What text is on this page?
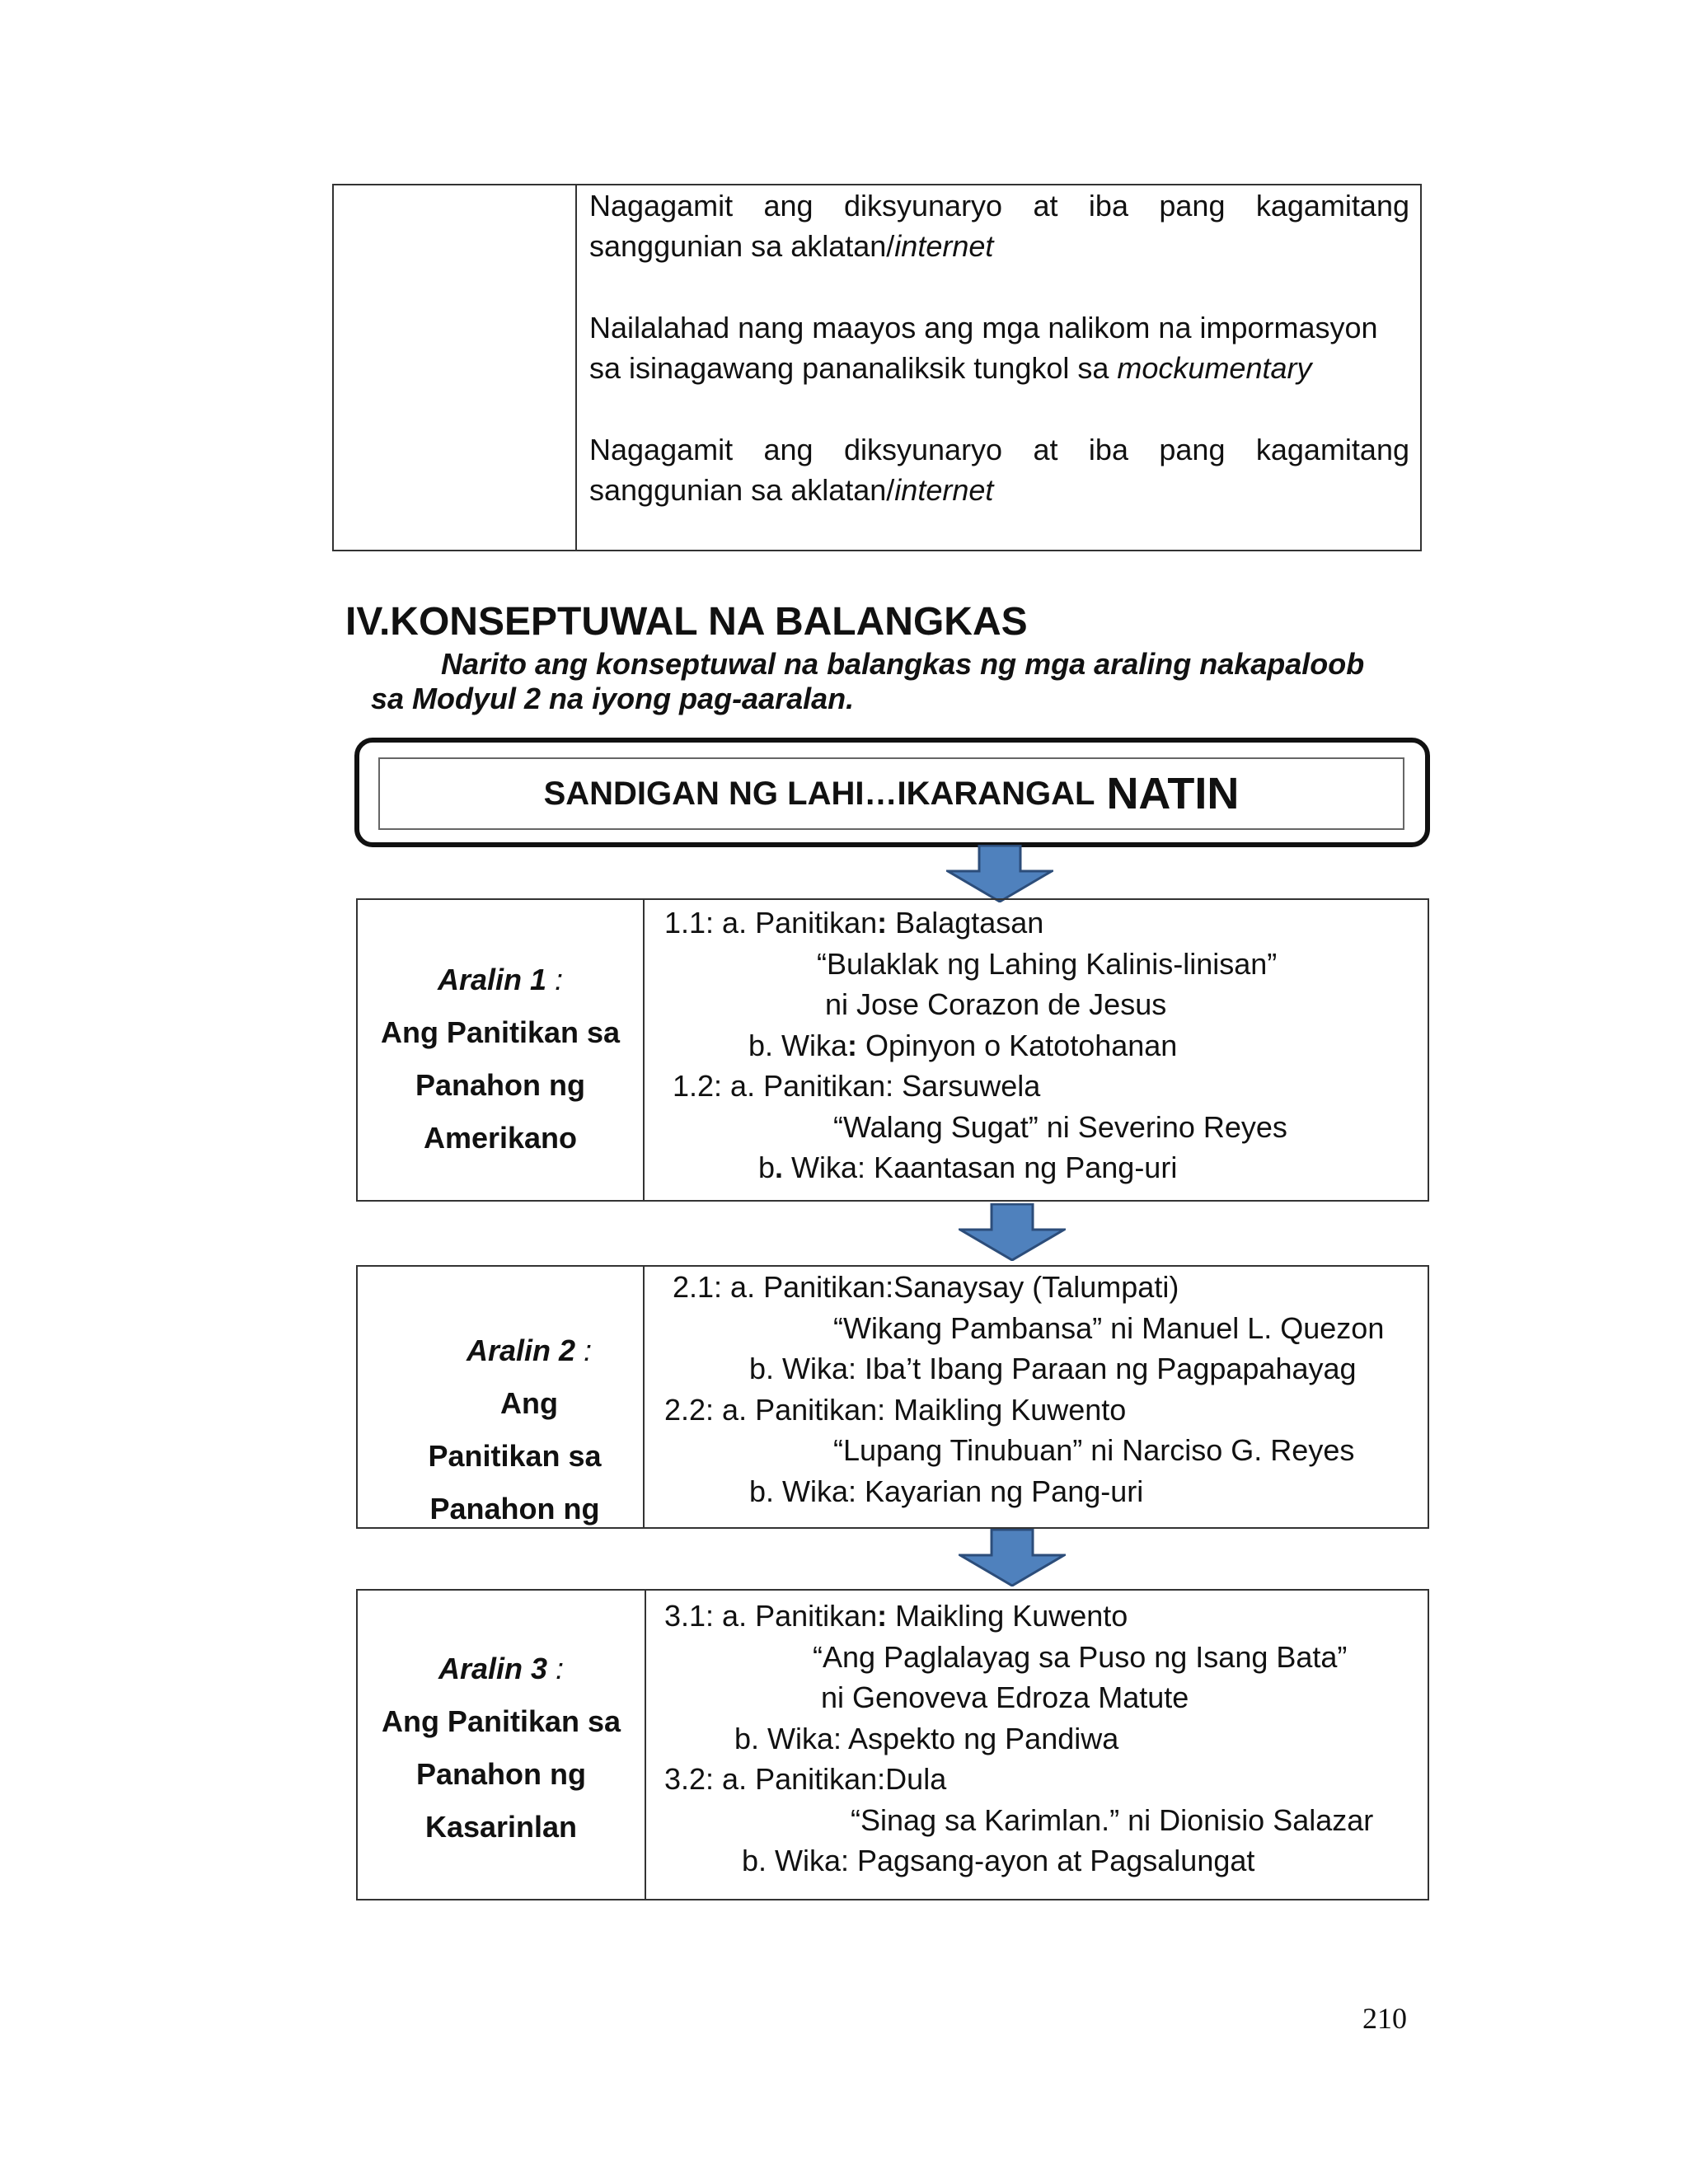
Nagagamit ang diksyunaryo at iba pang kagamitang
sanggunian sa aklatan/internet
Nailalahad nang maayos ang mga nalikom na impormasyon
sa isinagawang pananaliksik tungkol sa mockumentary
Nagagamit ang diksyunaryo at iba pang kagamitang
sanggunian sa aklatan/internet
IV.KONSEPTUWAL NA BALANGKAS
Narito ang konseptuwal na balangkas ng mga araling nakapaloob
sa Modyul 2 na iyong pag-aaralan.
SANDIGAN NG LAHI…IKARANGAL NATIN
Aralin 1 :
Ang Panitikan sa
Panahon ng
Amerikano
1.1: a. Panitikan: Balagtasan
“Bulaklak ng Lahing Kalinis-linisan”
ni Jose Corazon de Jesus
b. Wika: Opinyon o Katotohanan
1.2: a. Panitikan: Sarsuwela
“Walang Sugat” ni Severino Reyes
b. Wika: Kaantasan ng Pang-uri
Aralin 2 :
Ang
Panitikan sa
Panahon ng
2.1: a. Panitikan:Sanaysay (Talumpati)
“Wikang Pambansa” ni Manuel L. Quezon
b. Wika: Iba’t Ibang Paraan ng Pagpapahayag
2.2: a. Panitikan: Maikling Kuwento
“Lupang Tinubuan” ni Narciso G. Reyes
b. Wika: Kayarian ng Pang-uri
Aralin 3 :
Ang Panitikan sa
Panahon ng
Kasarinlan
3.1: a. Panitikan: Maikling Kuwento
“Ang Paglalayag sa Puso ng Isang Bata”
ni Genoveva Edroza Matute
b. Wika: Aspekto ng Pandiwa
3.2: a. Panitikan:Dula
“Sinag sa Karimlan.” ni Dionisio Salazar
b. Wika: Pagsang-ayon at Pagsalungat
210
